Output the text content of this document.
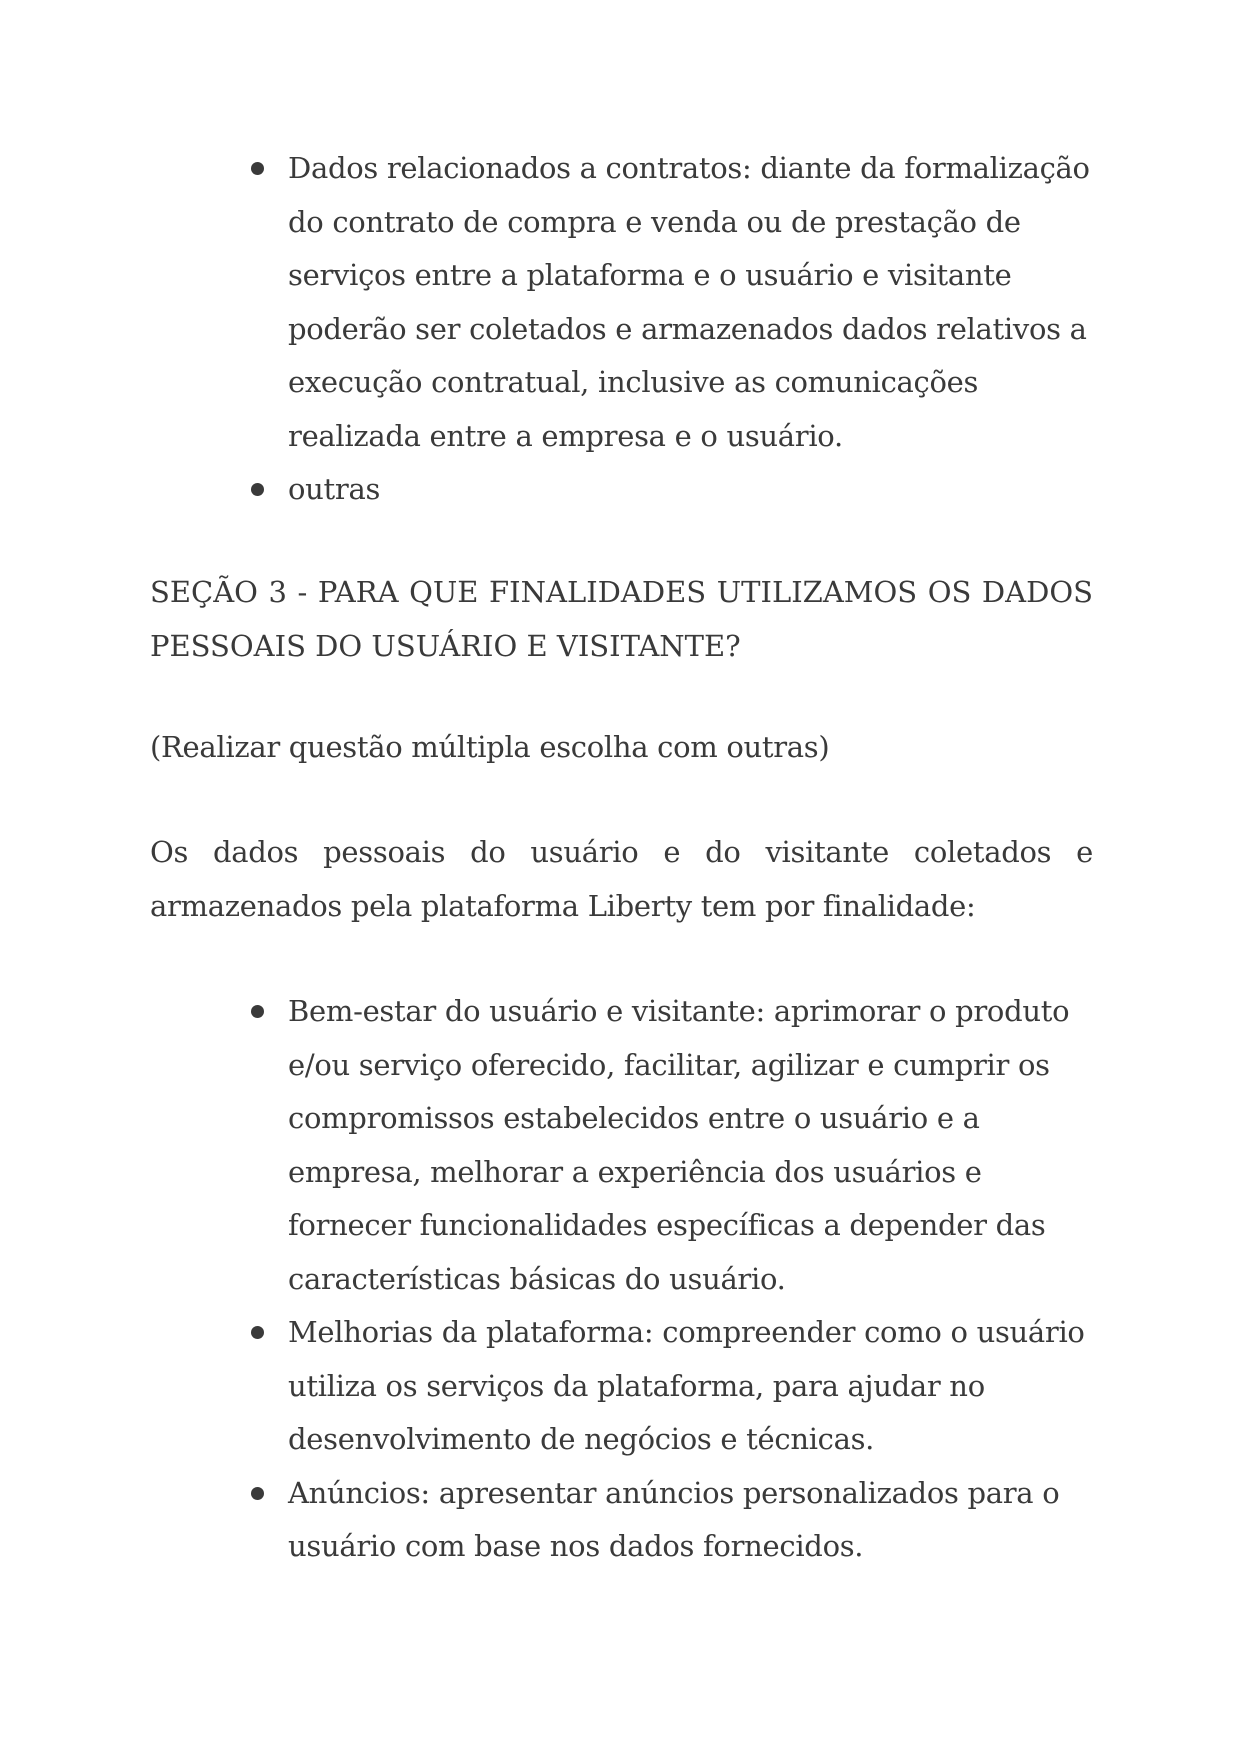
Dados relacionados a contratos: diante da formalização do contrato de compra e venda ou de prestação de serviços entre a plataforma e o usuário e visitante poderão ser coletados e armazenados dados relativos a execução contratual, inclusive as comunicações realizada entre a empresa e o usuário.
outras
SEÇÃO 3 - PARA QUE FINALIDADES UTILIZAMOS OS DADOS
PESSOAIS DO USUÁRIO E VISITANTE?

(Realizar questão múltipla escolha com outras)

Os dados pessoais do usuário e do visitante coletados e armazenados pela plataforma Liberty tem por finalidade:

Bem-estar do usuário e visitante: aprimorar o produto e/ou serviço oferecido, facilitar, agilizar e cumprir os compromissos estabelecidos entre o usuário e a empresa, melhorar a experiência dos usuários e fornecer funcionalidades específicas a depender das características básicas do usuário.
Melhorias da plataforma: compreender como o usuário utiliza os serviços da plataforma, para ajudar no desenvolvimento de negócios e técnicas.
Anúncios: apresentar anúncios personalizados para o usuário com base nos dados fornecidos.
